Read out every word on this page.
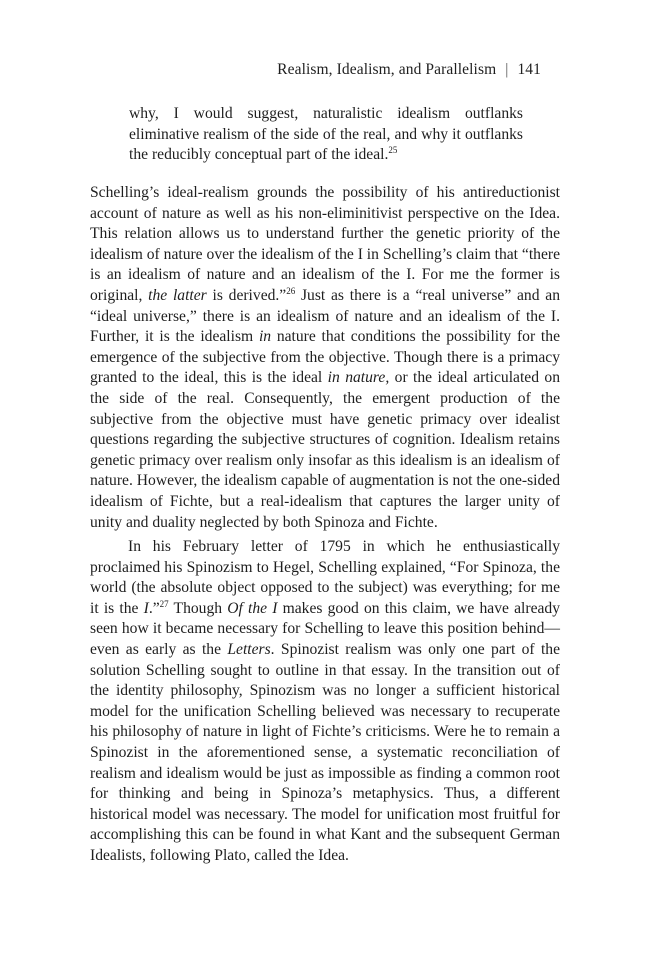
Realism, Idealism, and Parallelism | 141
why, I would suggest, naturalistic idealism outflanks eliminative realism of the side of the real, and why it outflanks the reducibly conceptual part of the ideal.$^{25}$

Schelling’s ideal-realism grounds the possibility of his antireductionist account of nature as well as his non-eliminitivist perspective on the Idea. This relation allows us to understand further the genetic priority of the idealism of nature over the idealism of the I in Schelling’s claim that “there is an idealism of nature and an idealism of the I. For me the former is original, the latter is derived.”$^{26}$ Just as there is a “real universe” and an “ideal universe,” there is an idealism of nature and an idealism of the I. Further, it is the idealism in nature that conditions the possibility for the emergence of the subjective from the objective. Though there is a primacy granted to the ideal, this is the ideal in nature, or the ideal articulated on the side of the real. Consequently, the emergent production of the subjective from the objective must have genetic primacy over idealist questions regarding the subjective structures of cognition. Idealism retains genetic primacy over realism only insofar as this idealism is an idealism of nature. However, the idealism capable of augmentation is not the one-sided idealism of Fichte, but a real-idealism that captures the larger unity of unity and duality neglected by both Spinoza and Fichte.

In his February letter of 1795 in which he enthusiastically proclaimed his Spinozism to Hegel, Schelling explained, “For Spinoza, the world (the absolute object opposed to the subject) was everything; for me it is the I.”$^{27}$ Though Of the I makes good on this claim, we have already seen how it became necessary for Schelling to leave this position behind—even as early as the Letters. Spinozist realism was only one part of the solution Schelling sought to outline in that essay. In the transition out of the identity philosophy, Spinozism was no longer a sufficient historical model for the unification Schelling believed was necessary to recuperate his philosophy of nature in light of Fichte’s criticisms. Were he to remain a Spinozist in the aforementioned sense, a systematic reconciliation of realism and idealism would be just as impossible as finding a common root for thinking and being in Spinoza’s metaphysics. Thus, a different historical model was necessary. The model for unification most fruitful for accomplishing this can be found in what Kant and the subsequent German Idealists, following Plato, called the Idea.
